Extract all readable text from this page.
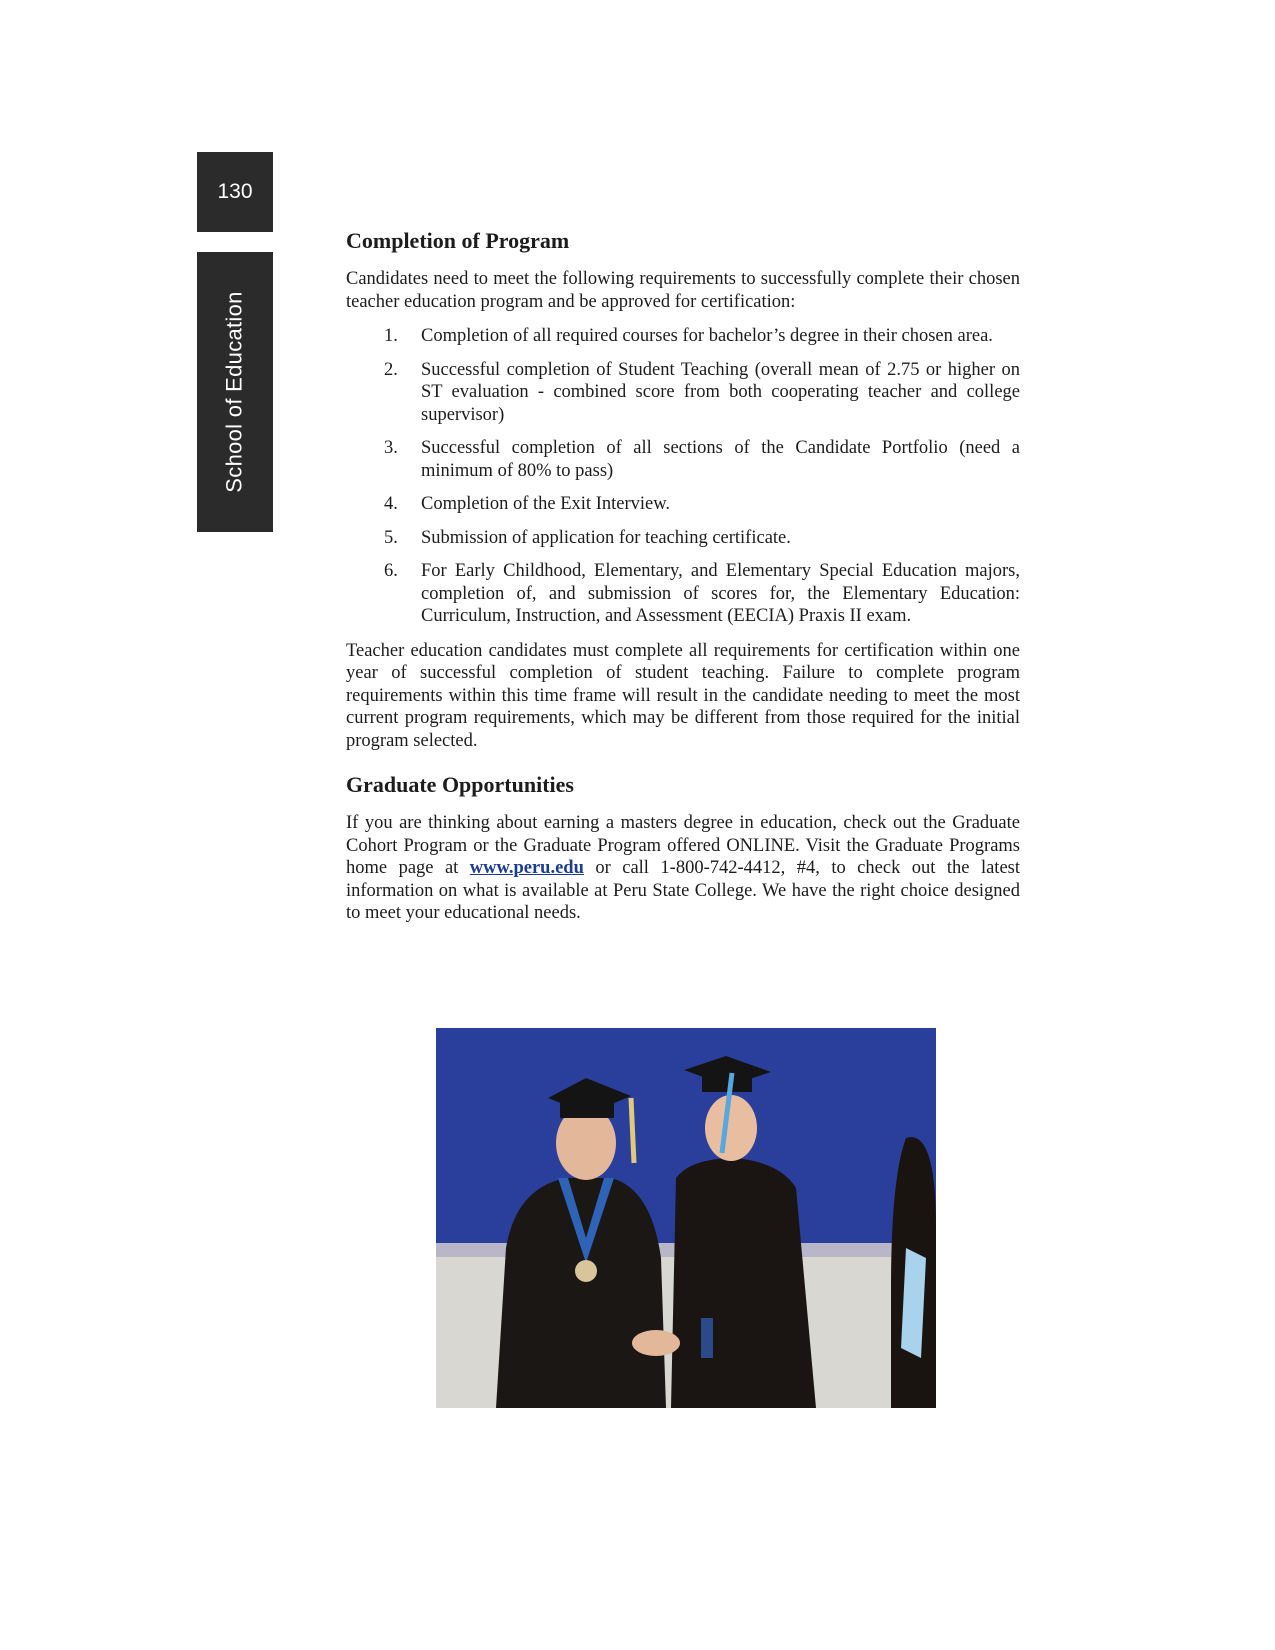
130
School of Education
Completion of Program

Candidates need to meet the following requirements to successfully complete their chosen teacher education program and be approved for certification:

1. Completion of all required courses for bachelor’s degree in their chosen area.
2. Successful completion of Student Teaching (overall mean of 2.75 or higher on ST evaluation - combined score from both cooperating teacher and college supervisor)
3. Successful completion of all sections of the Candidate Portfolio (need a minimum of 80% to pass)
4. Completion of the Exit Interview.
5. Submission of application for teaching certificate.
6. For Early Childhood, Elementary, and Elementary Special Education majors, completion of, and submission of scores for, the Elementary Education: Curriculum, Instruction, and Assessment (EECIA) Praxis II exam.

Teacher education candidates must complete all requirements for certification within one year of successful completion of student teaching. Failure to complete program requirements within this time frame will result in the candidate needing to meet the most current program requirements, which may be different from those required for the initial program selected.

Graduate Opportunities

If you are thinking about earning a masters degree in education, check out the Graduate Cohort Program or the Graduate Program offered ONLINE. Visit the Graduate Programs home page at www.peru.edu or call 1-800-742-4412, #4, to check out the latest information on what is available at Peru State College. We have the right choice designed to meet your educational needs.
